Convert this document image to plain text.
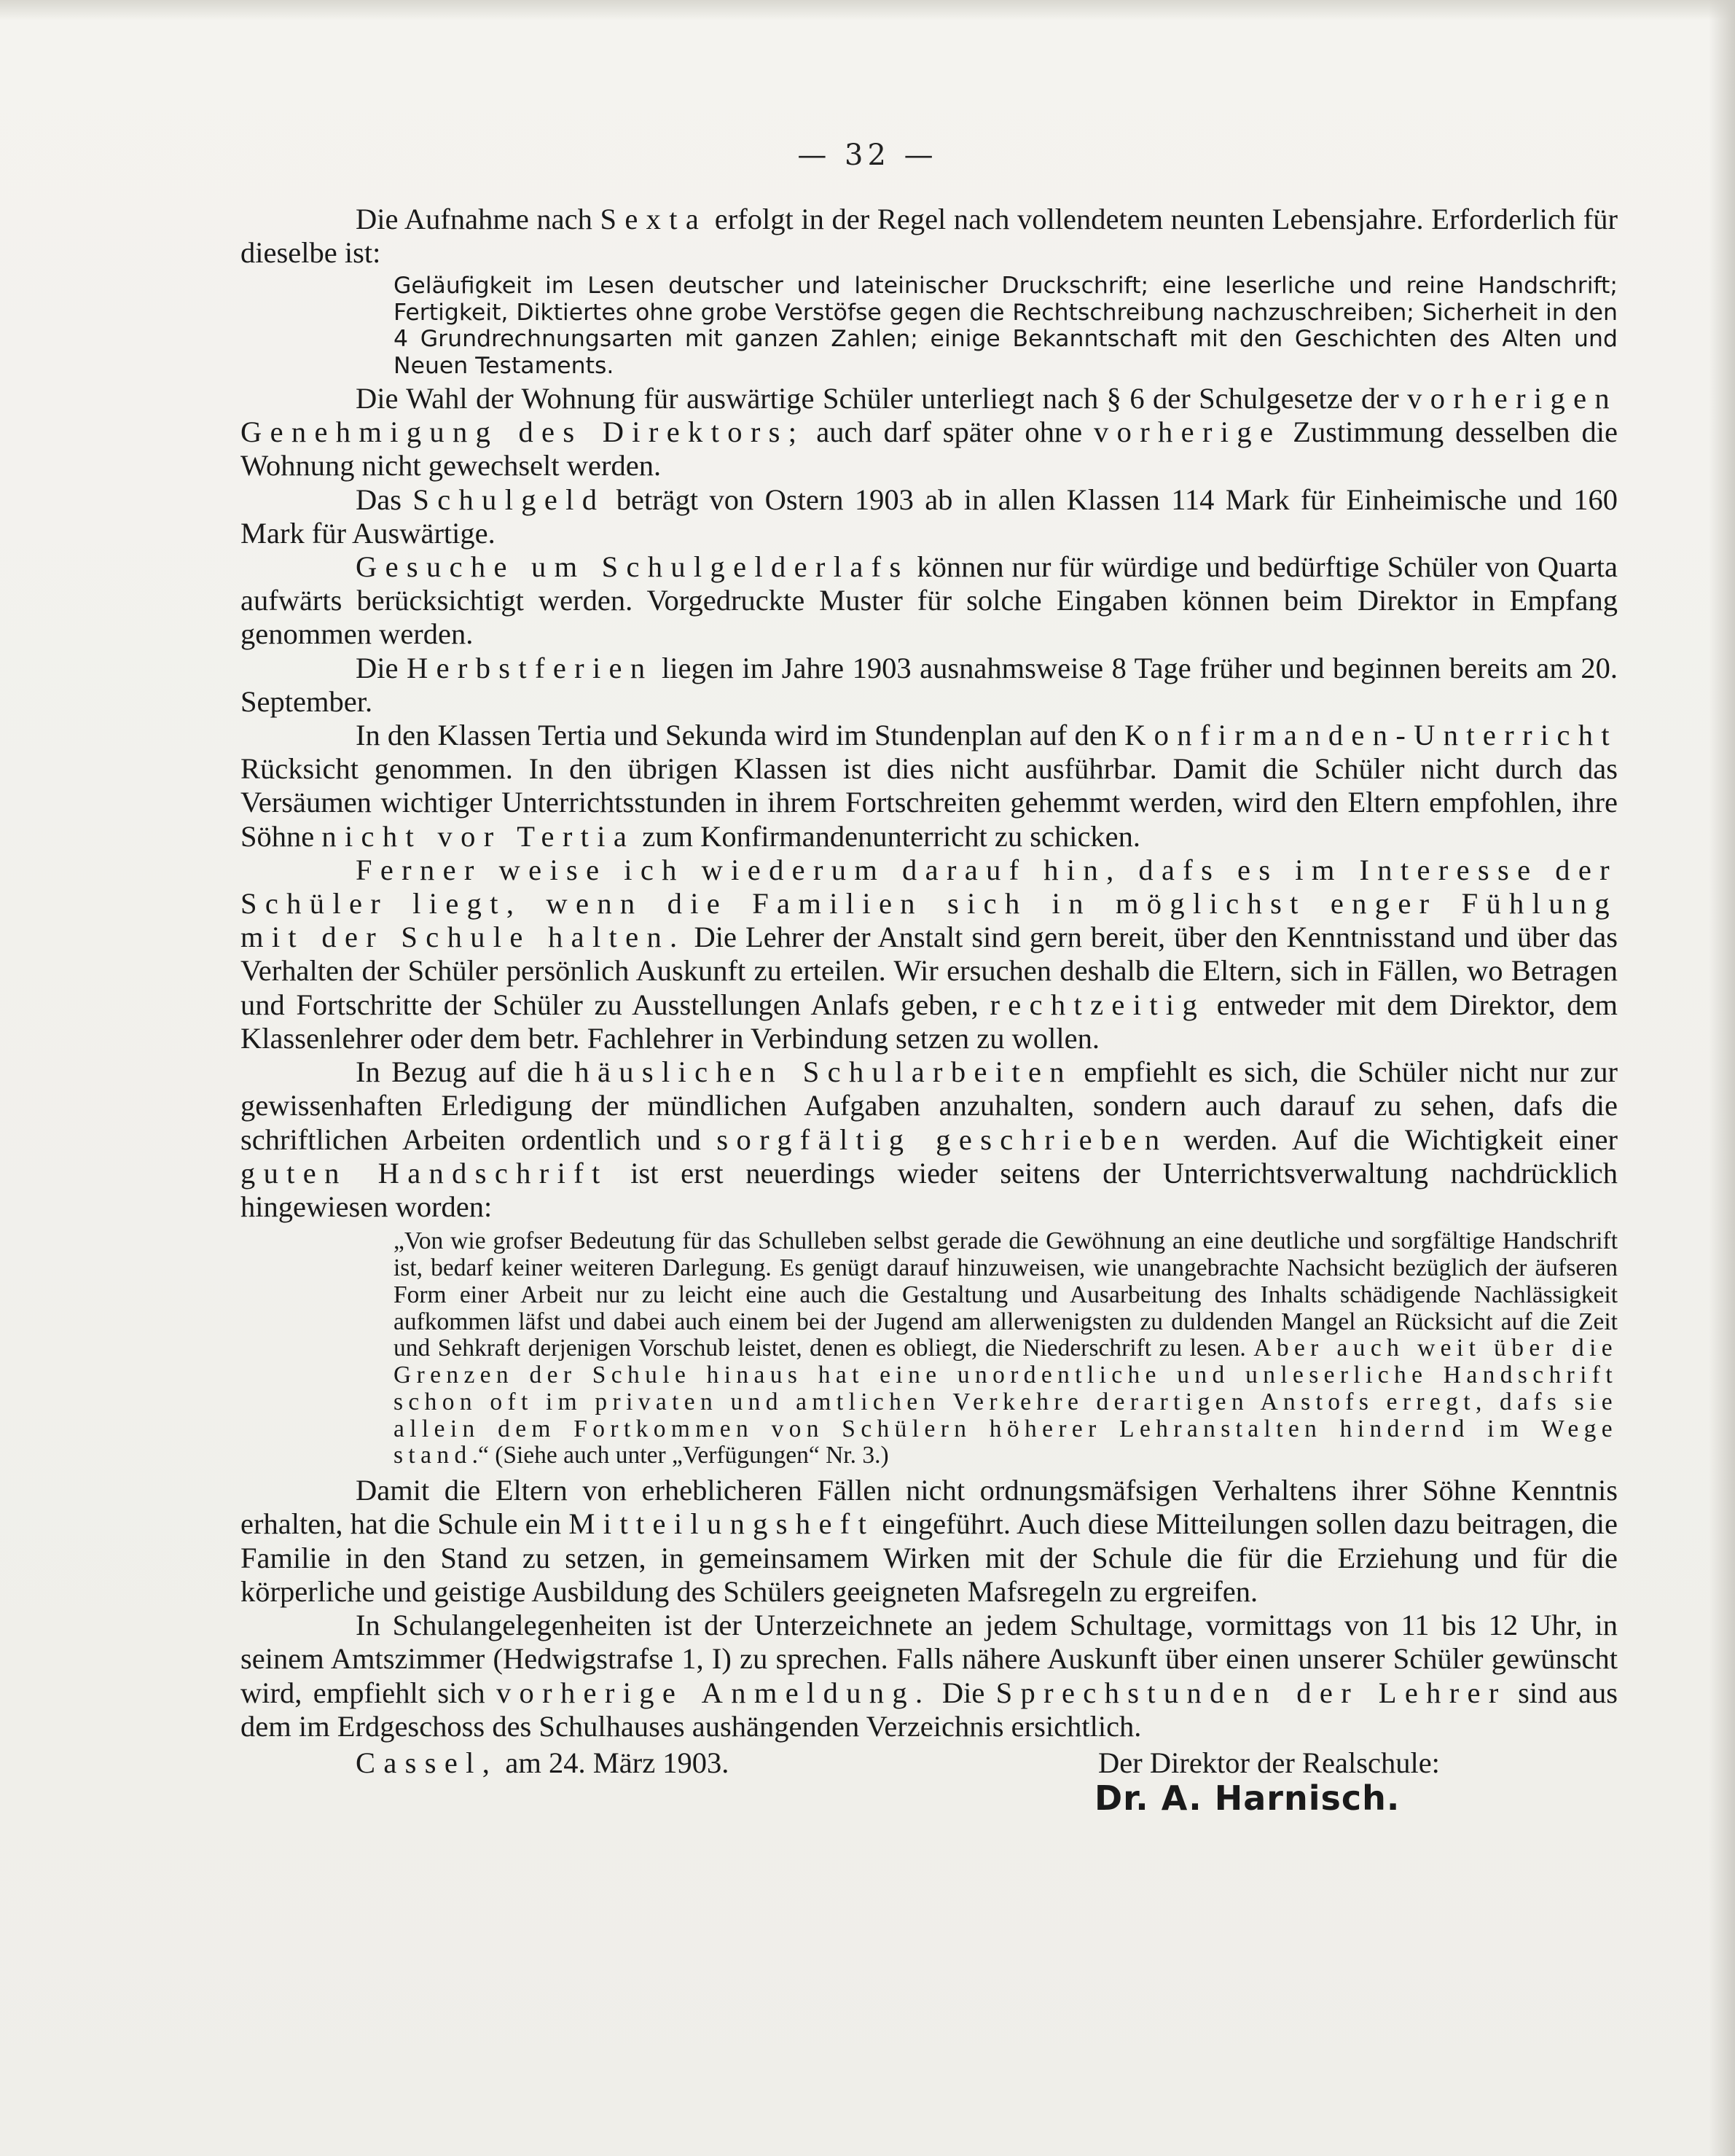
— 32 —

Die Aufnahme nach Sexta erfolgt in der Regel nach vollendetem neunten Lebensjahre. Erforderlich für dieselbe ist:

Geläufigkeit im Lesen deutscher und lateinischer Druckschrift; eine leserliche und reine Handschrift; Fertigkeit, Diktiertes ohne grobe Verstöfse gegen die Rechtschreibung nachzuschreiben; Sicherheit in den 4 Grundrechnungsarten mit ganzen Zahlen; einige Bekanntschaft mit den Geschichten des Alten und Neuen Testaments.

Die Wahl der Wohnung für auswärtige Schüler unterliegt nach § 6 der Schulgesetze der vorherigen Genehmigung des Direktors; auch darf später ohne vorherige Zustimmung desselben die Wohnung nicht gewechselt werden.

Das Schulgeld beträgt von Ostern 1903 ab in allen Klassen 114 Mark für Einheimische und 160 Mark für Auswärtige.

Gesuche um Schulgelderlafs können nur für würdige und bedürftige Schüler von Quarta aufwärts berücksichtigt werden. Vorgedruckte Muster für solche Eingaben können beim Direktor in Empfang genommen werden.

Die Herbstferien liegen im Jahre 1903 ausnahmsweise 8 Tage früher und beginnen bereits am 20. September.

In den Klassen Tertia und Sekunda wird im Stundenplan auf den Konfirmanden-Unterricht Rücksicht genommen. In den übrigen Klassen ist dies nicht ausführbar. Damit die Schüler nicht durch das Versäumen wichtiger Unterrichtsstunden in ihrem Fortschreiten gehemmt werden, wird den Eltern empfohlen, ihre Söhne nicht vor Tertia zum Konfirmandenunterricht zu schicken.

Ferner weise ich wiederum darauf hin, dafs es im Interesse der Schüler liegt, wenn die Familien sich in möglichst enger Fühlung mit der Schule halten. Die Lehrer der Anstalt sind gern bereit, über den Kenntnisstand und über das Verhalten der Schüler persönlich Auskunft zu erteilen. Wir ersuchen deshalb die Eltern, sich in Fällen, wo Betragen und Fortschritte der Schüler zu Ausstellungen Anlafs geben, rechtzeitig entweder mit dem Direktor, dem Klassenlehrer oder dem betr. Fachlehrer in Verbindung setzen zu wollen.

In Bezug auf die häuslichen Schularbeiten empfiehlt es sich, die Schüler nicht nur zur gewissenhaften Erledigung der mündlichen Aufgaben anzuhalten, sondern auch darauf zu sehen, dafs die schriftlichen Arbeiten ordentlich und sorgfältig geschrieben werden. Auf die Wichtigkeit einer guten Handschrift ist erst neuerdings wieder seitens der Unterrichtsverwaltung nachdrücklich hingewiesen worden:

„Von wie grofser Bedeutung für das Schulleben selbst gerade die Gewöhnung an eine deutliche und sorgfältige Handschrift ist, bedarf keiner weiteren Darlegung. Es genügt darauf hinzuweisen, wie unangebrachte Nachsicht bezüglich der äufseren Form einer Arbeit nur zu leicht eine auch die Gestaltung und Ausarbeitung des Inhalts schädigende Nachlässigkeit aufkommen läfst und dabei auch einem bei der Jugend am allerwenigsten zu duldenden Mangel an Rücksicht auf die Zeit und Sehkraft derjenigen Vorschub leistet, denen es obliegt, die Niederschrift zu lesen. Aber auch weit über die Grenzen der Schule hinaus hat eine unordentliche und unleserliche Handschrift schon oft im privaten und amtlichen Verkehre derartigen Anstofs erregt, dafs sie allein dem Fortkommen von Schülern höherer Lehranstalten hindernd im Wege stand.“ (Siehe auch unter „Verfügungen“ Nr. 3.)

Damit die Eltern von erheblicheren Fällen nicht ordnungsmäfsigen Verhaltens ihrer Söhne Kenntnis erhalten, hat die Schule ein Mitteilungsheft eingeführt. Auch diese Mitteilungen sollen dazu beitragen, die Familie in den Stand zu setzen, in gemeinsamem Wirken mit der Schule die für die Erziehung und für die körperliche und geistige Ausbildung des Schülers geeigneten Mafsregeln zu ergreifen.

In Schulangelegenheiten ist der Unterzeichnete an jedem Schultage, vormittags von 11 bis 12 Uhr, in seinem Amtszimmer (Hedwigstrafse 1, I) zu sprechen. Falls nähere Auskunft über einen unserer Schüler gewünscht wird, empfiehlt sich vorherige Anmeldung. Die Sprechstunden der Lehrer sind aus dem im Erdgeschoss des Schulhauses aushängenden Verzeichnis ersichtlich.

Cassel, am 24. März 1903.	Der Direktor der Realschule:
Dr. A. Harnisch.
